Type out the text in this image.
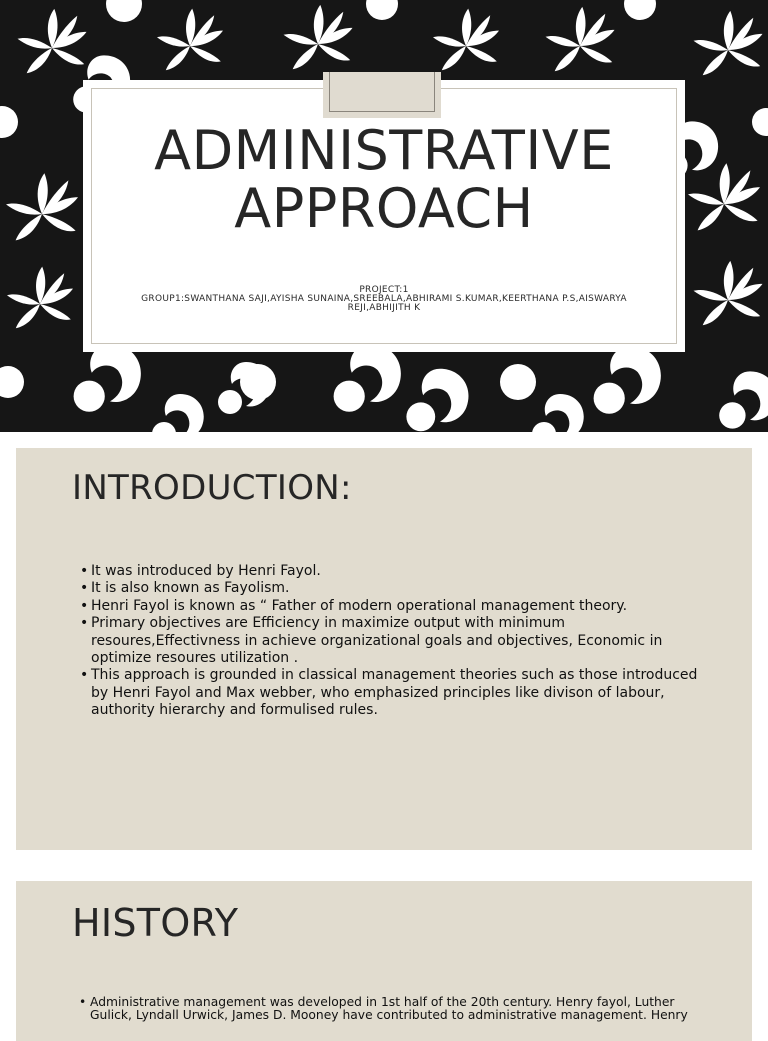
ADMINISTRATIVE
APPROACH
PROJECT:1
GROUP1:SWANTHANA SAJI,AYISHA SUNAINA,SREEBALA,ABHIRAMI S.KUMAR,KEERTHANA P.S,AISWARYA
REJI,ABHIJITH K
INTRODUCTION:
• It was introduced by Henri Fayol.
• It is also known as Fayolism.
• Henri Fayol is known as “ Father of modern operational management theory.
• Primary objectives are Efficiency in maximize output with minimum resoures,Effectivness in achieve organizational goals and objectives, Economic in optimize resoures utilization .
• This approach is grounded in classical management theories such as those introduced by Henri Fayol and Max webber, who emphasized principles like divison of labour, authority hierarchy and formulised rules.
HISTORY
• Administrative management was developed in 1st half of the 20th century. Henry fayol, Luther Gulick, Lyndall Urwick, James D. Mooney have contributed to administrative management. Henry
